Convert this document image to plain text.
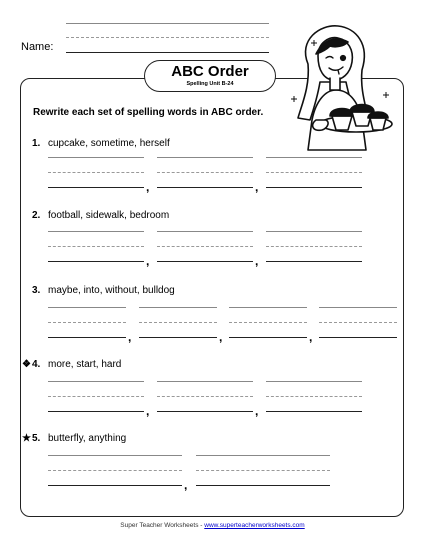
Name:
ABC Order
Spelling Unit B-24
Rewrite each set of spelling words in ABC order.
1. cupcake, sometime, herself
,	,
2. football, sidewalk, bedroom
,	,
3. maybe, into, without, bulldog
,	,	,
❖ 4. more, start, hard
,	,
★ 5. butterfly, anything
,
Super Teacher Worksheets - www.superteacherworksheets.com
